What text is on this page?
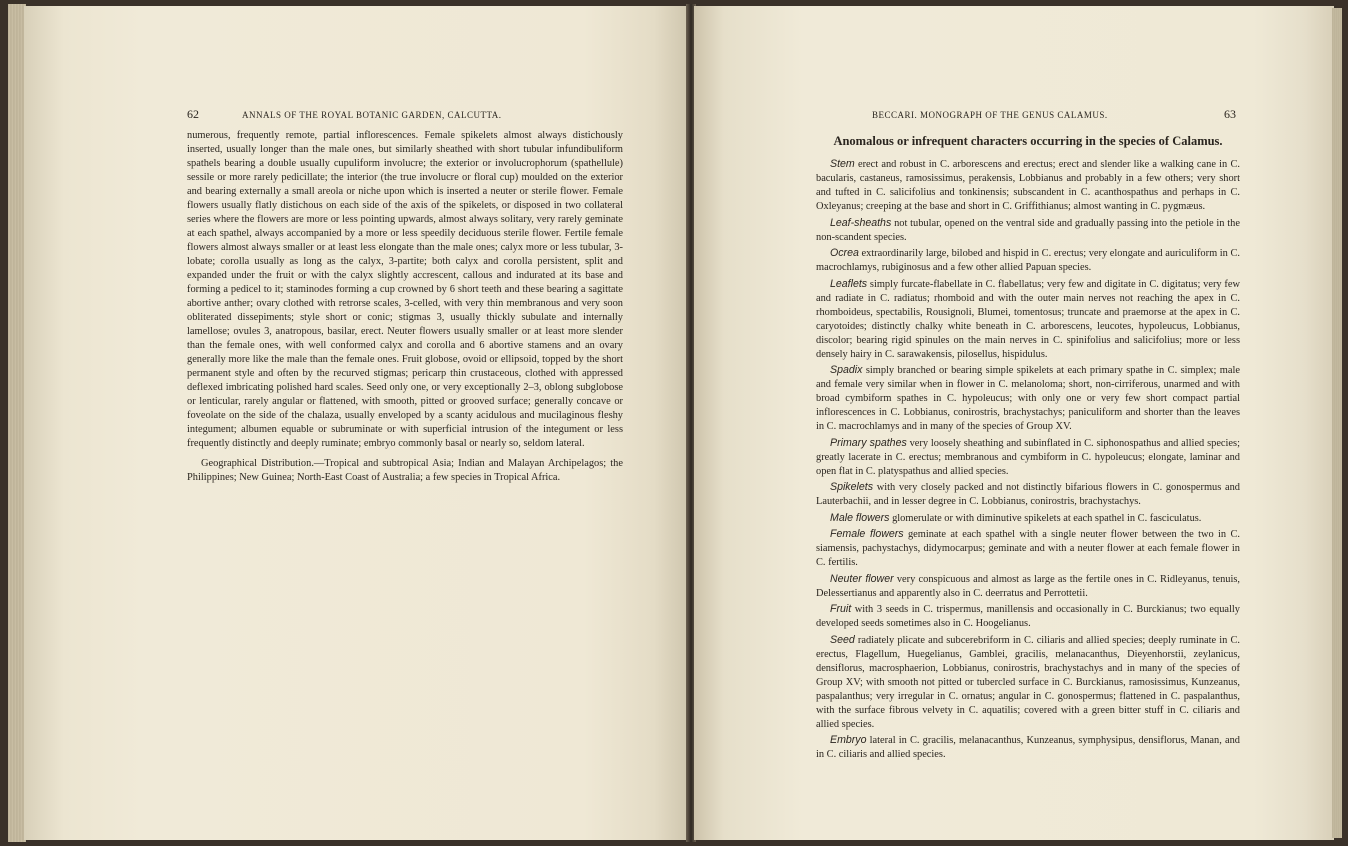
62	ANNALS OF THE ROYAL BOTANIC GARDEN, CALCUTTA.

numerous, frequently remote, partial inflorescences. Female spikelets almost always distichously inserted, usually longer than the male ones, but similarly sheathed with short tubular infundibuliform spathels bearing a double usually cupuliform involucre; the exterior or involucrophorum (spathellule) sessile or more rarely pedicillate; the interior (the true involucre or floral cup) moulded on the exterior and bearing externally a small areola or niche upon which is inserted a neuter or sterile flower. Female flowers usually flatly distichous on each side of the axis of the spikelets, or disposed in two collateral series where the flowers are more or less pointing upwards, almost always solitary, very rarely geminate at each spathel, always accompanied by a more or less speedily deciduous sterile flower. Fertile female flowers almost always smaller or at least less elongate than the male ones; calyx more or less tubular, 3-lobate; corolla usually as long as the calyx, 3-partite; both calyx and corolla persistent, split and expanded under the fruit or with the calyx slightly accrescent, callous and indurated at its base and forming a pedicel to it; staminodes forming a cup crowned by 6 short teeth and these bearing a sagittate abortive anther; ovary clothed with retrorse scales, 3-celled, with very thin membranous and very soon obliterated dissepiments; style short or conic; stigmas 3, usually thickly subulate and internally lamellose; ovules 3, anatropous, basilar, erect. Neuter flowers usually smaller or at least more slender than the female ones, with well conformed calyx and corolla and 6 abortive stamens and an ovary generally more like the male than the female ones. Fruit globose, ovoid or ellipsoid, topped by the short permanent style and often by the recurved stigmas; pericarp thin crustaceous, clothed with appressed deflexed imbricating polished hard scales. Seed only one, or very exceptionally 2–3, oblong subglobose or lenticular, rarely angular or flattened, with smooth, pitted or grooved surface; generally concave or foveolate on the side of the chalaza, usually enveloped by a scanty acidulous and mucilaginous fleshy integument; albumen equable or subruminate or with superficial intrusion of the integument or less frequently distinctly and deeply ruminate; embryo commonly basal or nearly so, seldom lateral.

Geographical Distribution.—Tropical and subtropical Asia; Indian and Malayan Archipelagos; the Philippines; New Guinea; North-East Coast of Australia; a few species in Tropical Africa.

BECCARI. MONOGRAPH OF THE GENUS CALAMUS.	63
Anomalous or infrequent characters occurring in the species of Calamus.

Stem erect and robust in C. arborescens and erectus; erect and slender like a walking cane in C. bacularis, castaneus, ramosissimus, perakensis, Lobbianus and probably in a few others; very short and tufted in C. salicifolius and tonkinensis; subscandent in C. acanthospathus and perhaps in C. Oxleyanus; creeping at the base and short in C. Griffithianus; almost wanting in C. pygmæus.

Leaf-sheaths not tubular, opened on the ventral side and gradually passing into the petiole in the non-scandent species.

Ocrea extraordinarily large, bilobed and hispid in C. erectus; very elongate and auriculiform in C. macrochlamys, rubiginosus and a few other allied Papuan species.

Leaflets simply furcate-flabellate in C. flabellatus; very few and digitate in C. digitatus; very few and radiate in C. radiatus; rhomboid and with the outer main nerves not reaching the apex in C. rhomboideus, spectabilis, Rousignoli, Blumei, tomentosus; truncate and praemorse at the apex in C. caryotoides; distinctly chalky white beneath in C. arborescens, leucotes, hypoleucus, Lobbianus, discolor; bearing rigid spinules on the main nerves in C. spinifolius and salicifolius; more or less densely hairy in C. sarawakensis, pilosellus, hispidulus.

Spadix simply branched or bearing simple spikelets at each primary spathe in C. simplex; male and female very similar when in flower in C. melanoloma; short, non-cirriferous, unarmed and with broad cymbiform spathes in C. hypoleucus; with only one or very few short compact partial inflorescences in C. Lobbianus, conirostris, brachystachys; paniculiform and shorter than the leaves in C. macrochlamys and in many of the species of Group XV.

Primary spathes very loosely sheathing and subinflated in C. siphonospathus and allied species; greatly lacerate in C. erectus; membranous and cymbiform in C. hypoleucus; elongate, laminar and open flat in C. platyspathus and allied species.

Spikelets with very closely packed and not distinctly bifarious flowers in C. gonospermus and Lauterbachii, and in lesser degree in C. Lobbianus, conirostris, brachystachys.

Male flowers glomerulate or with diminutive spikelets at each spathel in C. fasciculatus.

Female flowers geminate at each spathel with a single neuter flower between the two in C. siamensis, pachystachys, didymocarpus; geminate and with a neuter flower at each female flower in C. fertilis.

Neuter flower very conspicuous and almost as large as the fertile ones in C. Ridleyanus, tenuis, Delessertianus and apparently also in C. deerratus and Perrottetii.

Fruit with 3 seeds in C. trispermus, manillensis and occasionally in C. Burckianus; two equally developed seeds sometimes also in C. Hoogelianus.

Seed radiately plicate and subcerebriform in C. ciliaris and allied species; deeply ruminate in C. erectus, Flagellum, Huegelianus, Gamblei, gracilis, melanacanthus, Dieyenhorstii, zeylanicus, densiflorus, macrosphaerion, Lobbianus, conirostris, brachystachys and in many of the species of Group XV; with smooth not pitted or tubercled surface in C. Burckianus, ramosissimus, Kunzeanus, paspalanthus; very irregular in C. ornatus; angular in C. gonospermus; flattened in C. paspalanthus, with the surface fibrous velvety in C. aquatilis; covered with a green bitter stuff in C. ciliaris and allied species.

Embryo lateral in C. gracilis, melanacanthus, Kunzeanus, symphysipus, densiflorus, Manan, and in C. ciliaris and allied species.
